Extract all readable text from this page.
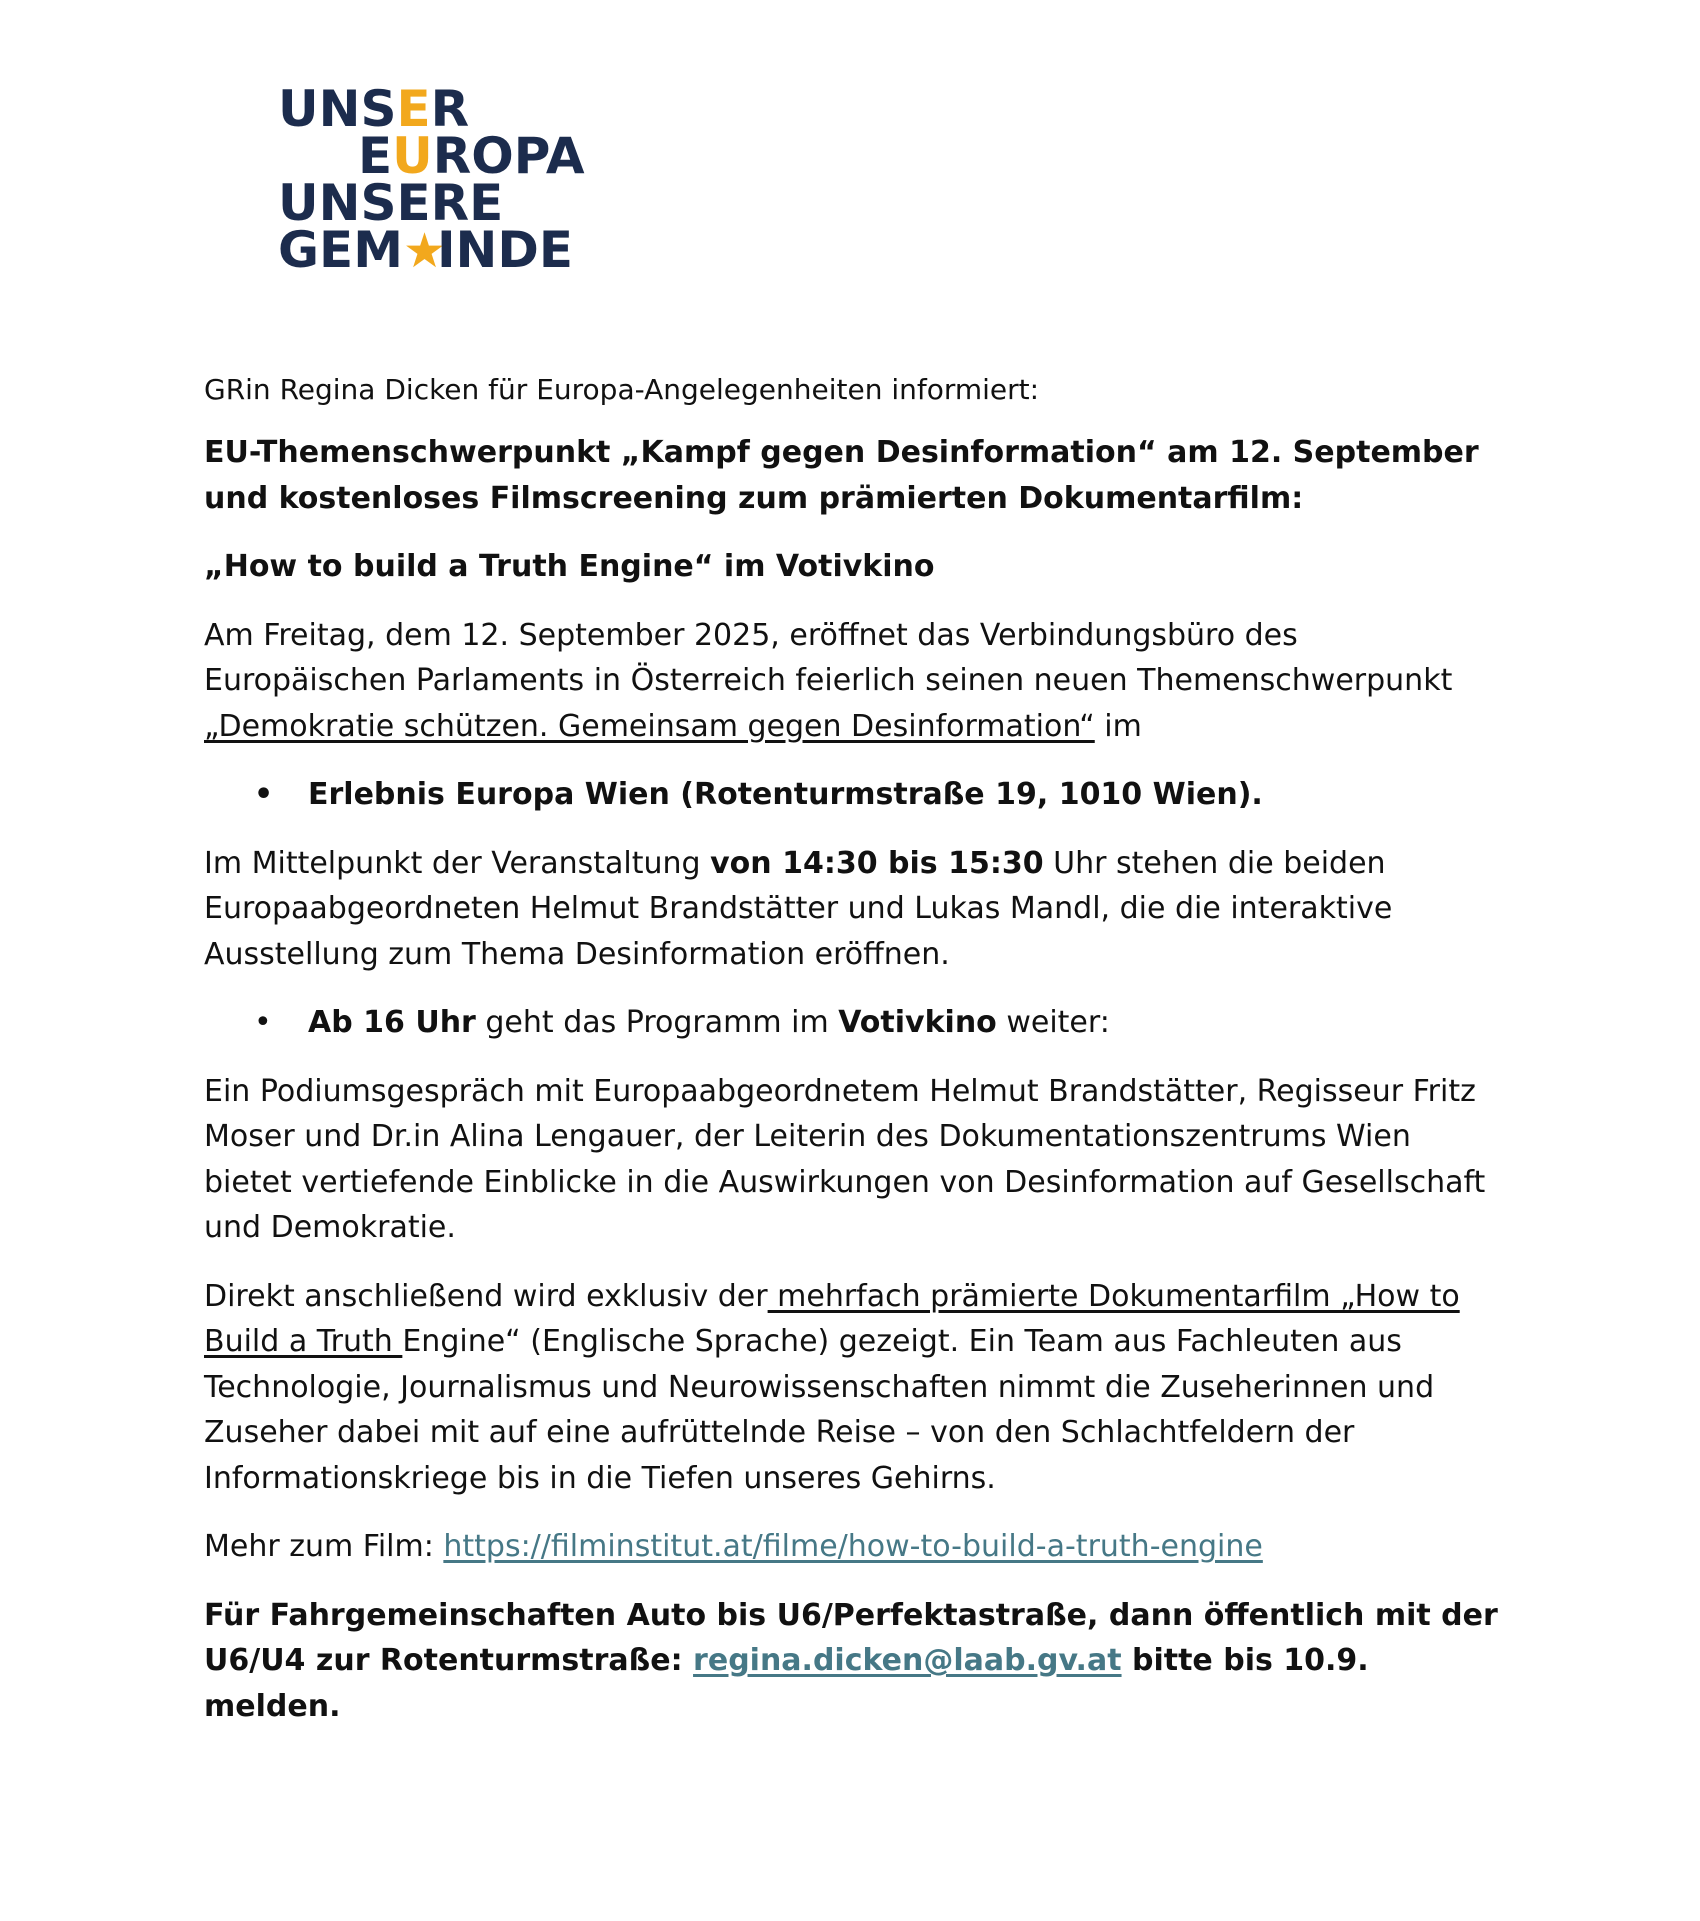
UNSER
EUROPA
UNSERE
GEM★INDE

GRin Regina Dicken für Europa-Angelegenheiten informiert:

EU-Themenschwerpunkt „Kampf gegen Desinformation“ am 12. September und kostenloses Filmscreening zum prämierten Dokumentarfilm:

„How to build a Truth Engine“ im Votivkino

Am Freitag, dem 12. September 2025, eröffnet das Verbindungsbüro des Europäischen Parlaments in Österreich feierlich seinen neuen Themenschwerpunkt „Demokratie schützen. Gemeinsam gegen Desinformation“ im

• Erlebnis Europa Wien (Rotenturmstraße 19, 1010 Wien).

Im Mittelpunkt der Veranstaltung von 14:30 bis 15:30 Uhr stehen die beiden Europaabgeordneten Helmut Brandstätter und Lukas Mandl, die die interaktive Ausstellung zum Thema Desinformation eröffnen.

• Ab 16 Uhr geht das Programm im Votivkino weiter:

Ein Podiumsgespräch mit Europaabgeordnetem Helmut Brandstätter, Regisseur Fritz Moser und Dr.in Alina Lengauer, der Leiterin des Dokumentationszentrums Wien bietet vertiefende Einblicke in die Auswirkungen von Desinformation auf Gesellschaft und Demokratie.

Direkt anschließend wird exklusiv der mehrfach prämierte Dokumentarfilm „How to Build a Truth Engine“ (Englische Sprache) gezeigt. Ein Team aus Fachleuten aus Technologie, Journalismus und Neurowissenschaften nimmt die Zuseherinnen und Zuseher dabei mit auf eine aufrüttelnde Reise – von den Schlachtfeldern der Informationskriege bis in die Tiefen unseres Gehirns.

Mehr zum Film: https://filminstitut.at/filme/how-to-build-a-truth-engine

Für Fahrgemeinschaften Auto bis U6/Perfektastraße, dann öffentlich mit der U6/U4 zur Rotenturmstraße: regina.dicken@laab.gv.at bitte bis 10.9. melden.
